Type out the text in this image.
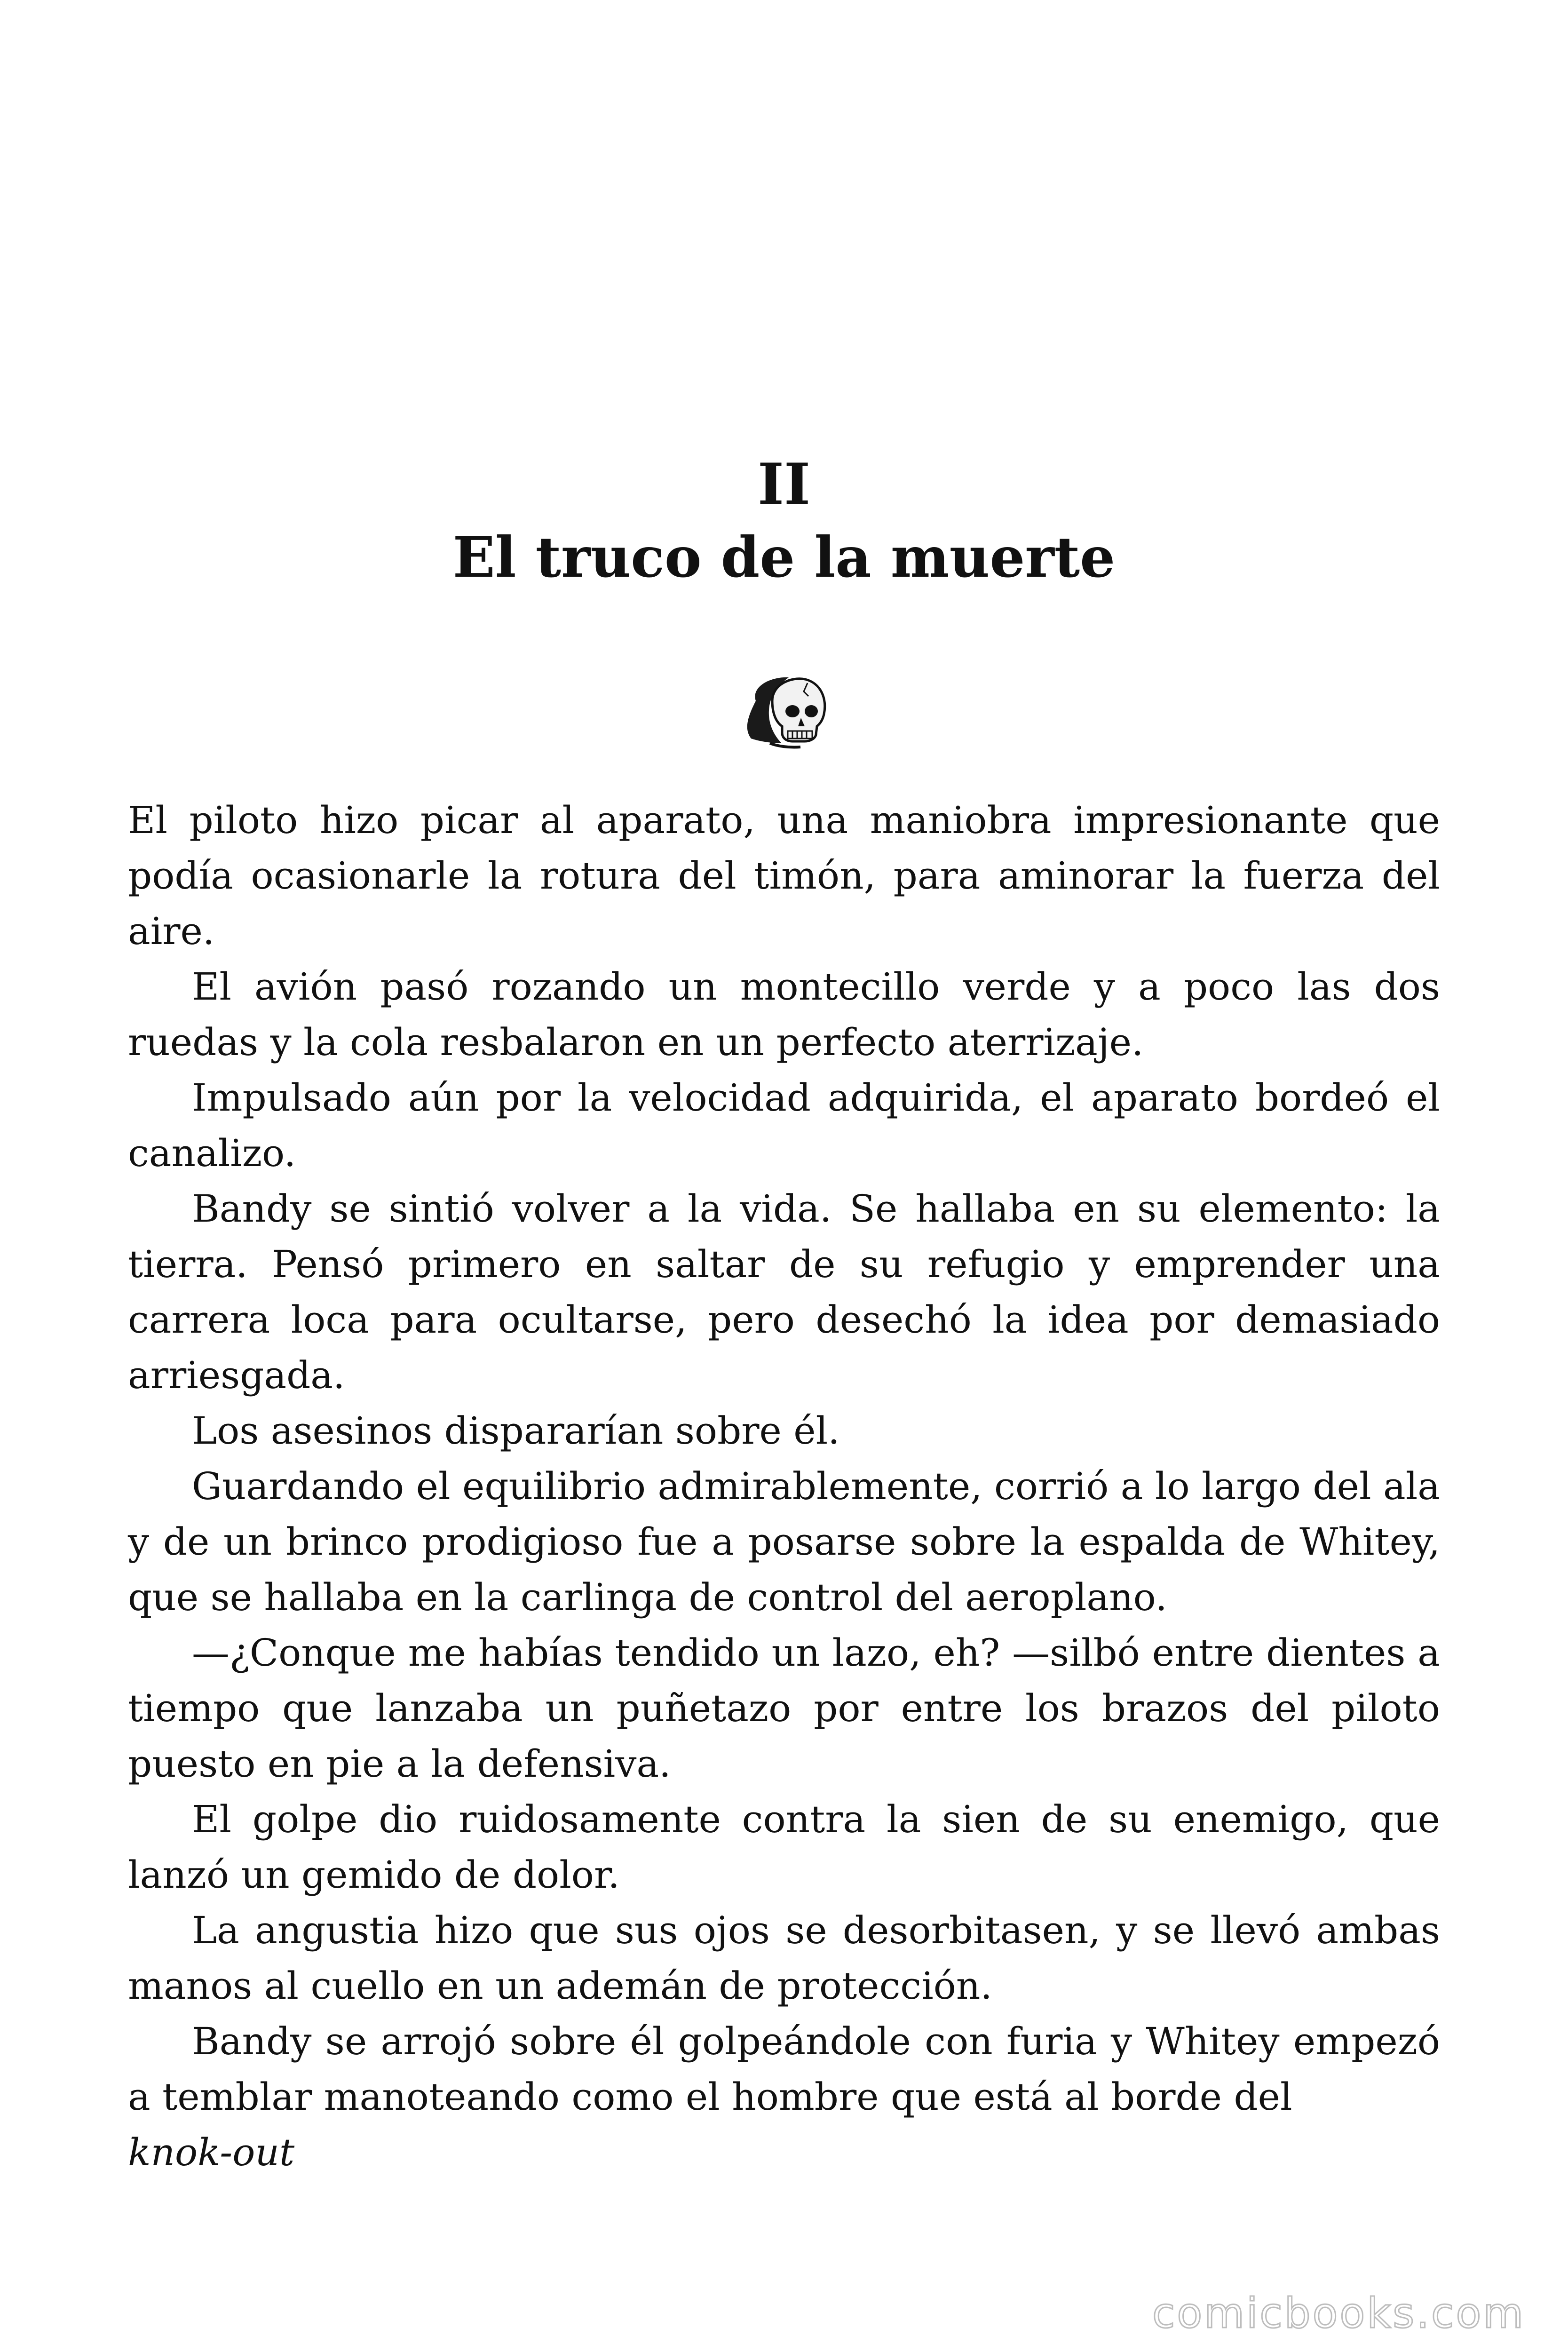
II
El truco de la muerte

El piloto hizo picar al aparato, una maniobra impresionante que podía ocasionarle la rotura del timón, para aminorar la fuerza del aire.

El avión pasó rozando un montecillo verde y a poco las dos ruedas y la cola resbalaron en un perfecto aterrizaje.

Impulsado aún por la velocidad adquirida, el aparato bordeó el canalizo.

Bandy se sintió volver a la vida. Se hallaba en su elemento: la tierra. Pensó primero en saltar de su refugio y emprender una carrera loca para ocultarse, pero desechó la idea por demasiado arriesgada.

Los asesinos dispararían sobre él.

Guardando el equilibrio admirablemente, corrió a lo largo del ala y de un brinco prodigioso fue a posarse sobre la espalda de Whitey, que se hallaba en la carlinga de control del aeroplano.

—¿Conque me habías tendido un lazo, eh? —silbó entre dientes a tiempo que lanzaba un puñetazo por entre los brazos del piloto puesto en pie a la defensiva.

El golpe dio ruidosamente contra la sien de su enemigo, que lanzó un gemido de dolor.

La angustia hizo que sus ojos se desorbitasen, y se llevó ambas manos al cuello en un ademán de protección.

Bandy se arrojó sobre él golpeándole con furia y Whitey empezó a temblar manoteando como el hombre que está al borde del

knok-out

comicbooks.com
